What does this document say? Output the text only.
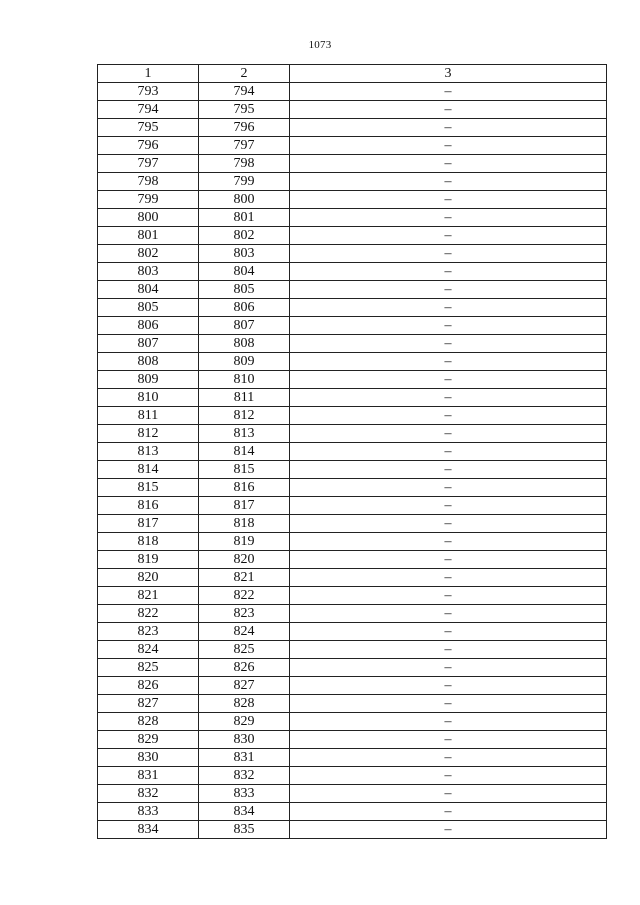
1073
1	2	3
793	794	–
794	795	–
795	796	–
796	797	–
797	798	–
798	799	–
799	800	–
800	801	–
801	802	–
802	803	–
803	804	–
804	805	–
805	806	–
806	807	–
807	808	–
808	809	–
809	810	–
810	811	–
811	812	–
812	813	–
813	814	–
814	815	–
815	816	–
816	817	–
817	818	–
818	819	–
819	820	–
820	821	–
821	822	–
822	823	–
823	824	–
824	825	–
825	826	–
826	827	–
827	828	–
828	829	–
829	830	–
830	831	–
831	832	–
832	833	–
833	834	–
834	835	–
